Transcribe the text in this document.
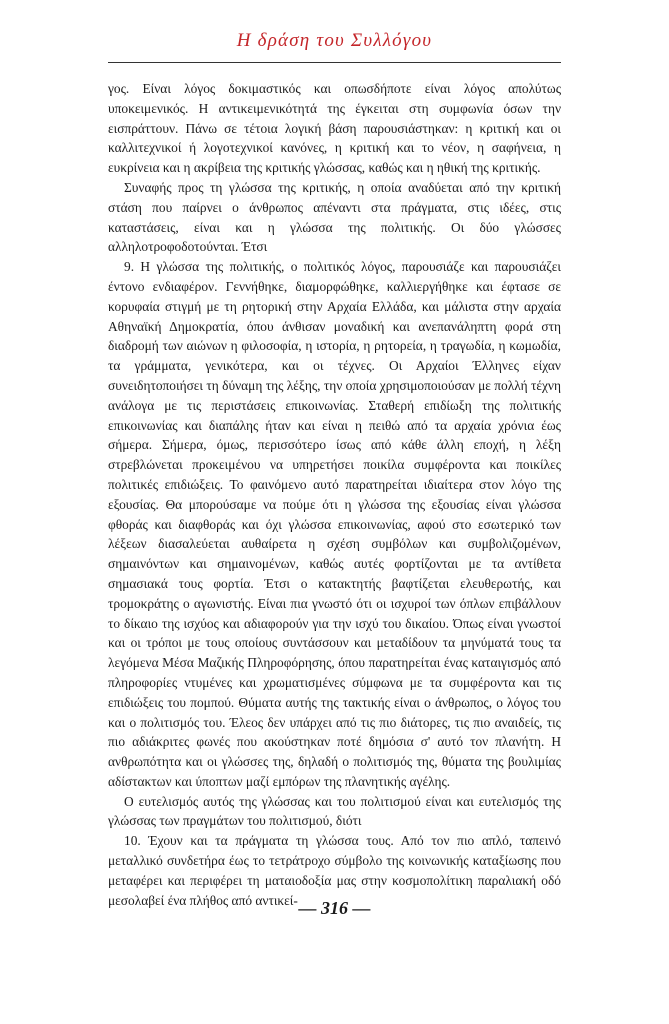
Η δράση του Συλλόγου

γος. Είναι λόγος δοκιμαστικός και οπωσδήποτε είναι λόγος απολύτως υποκειμενικός. Η αντικειμενικότητά της έγκειται στη συμφωνία όσων την εισπράττουν. Πάνω σε τέτοια λογική βάση παρουσιάστηκαν: η κριτική και οι καλλιτεχνικοί ή λογοτεχνικοί κανόνες, η κριτική και το νέον, η σαφήνεια, η ευκρίνεια και η ακρίβεια της κριτικής γλώσσας, καθώς και η ηθική της κριτικής.

Συναφής προς τη γλώσσα της κριτικής, η οποία αναδύεται από την κριτική στάση που παίρνει ο άνθρωπος απέναντι στα πράγματα, στις ιδέες, στις καταστάσεις, είναι και η γλώσσα της πολιτικής. Οι δύο γλώσσες αλληλοτροφοδοτούνται. Έτσι

9. Η γλώσσα της πολιτικής, ο πολιτικός λόγος, παρουσιάζε και παρουσιάζει έντονο ενδιαφέρον. Γεννήθηκε, διαμορφώθηκε, καλλιεργήθηκε και έφτασε σε κορυφαία στιγμή με τη ρητορική στην Αρχαία Ελλάδα, και μάλιστα στην αρχαία Αθηναϊκή Δημοκρατία, όπου άνθισαν μοναδική και ανεπανάληπτη φορά στη διαδρομή των αιώνων η φιλοσοφία, η ιστορία, η ρητορεία, η τραγωδία, η κωμωδία, τα γράμματα, γενικότερα, και οι τέχνες. Οι Αρχαίοι Έλληνες είχαν συνειδητοποιήσει τη δύναμη της λέξης, την οποία χρησιμοποιούσαν με πολλή τέχνη ανάλογα με τις περιστάσεις επικοινωνίας. Σταθερή επιδίωξη της πολιτικής επικοινωνίας και διαπάλης ήταν και είναι η πειθώ από τα αρχαία χρόνια έως σήμερα. Σήμερα, όμως, περισσότερο ίσως από κάθε άλλη εποχή, η λέξη στρεβλώνεται προκειμένου να υπηρετήσει ποικίλα συμφέροντα και ποικίλες πολιτικές επιδιώξεις. Το φαινόμενο αυτό παρατηρείται ιδιαίτερα στον λόγο της εξουσίας. Θα μπορούσαμε να πούμε ότι η γλώσσα της εξουσίας είναι γλώσσα φθοράς και διαφθοράς και όχι γλώσσα επικοινωνίας, αφού στο εσωτερικό των λέξεων διασαλεύεται αυθαίρετα η σχέση συμβόλων και συμβολιζομένων, σημαινόντων και σημαινομένων, καθώς αυτές φορτίζονται με τα αντίθετα σημασιακά τους φορτία. Έτσι ο κατακτητής βαφτίζεται ελευθερωτής, και τρομοκράτης ο αγωνιστής. Είναι πια γνωστό ότι οι ισχυροί των όπλων επιβάλλουν το δίκαιο της ισχύος και αδιαφορούν για την ισχύ του δικαίου. Όπως είναι γνωστοί και οι τρόποι με τους οποίους συντάσσουν και μεταδίδουν τα μηνύματά τους τα λεγόμενα Μέσα Μαζικής Πληροφόρησης, όπου παρατηρείται ένας καταιγισμός από πληροφορίες ντυμένες και χρωματισμένες σύμφωνα με τα συμφέροντα και τις επιδιώξεις του πομπού. Θύματα αυτής της τακτικής είναι ο άνθρωπος, ο λόγος του και ο πολιτισμός του. Έλεος δεν υπάρχει από τις πιο διάτορες, τις πιο αναιδείς, τις πιο αδιάκριτες φωνές που ακούστηκαν ποτέ δημόσια σ' αυτό τον πλανήτη. Η ανθρωπότητα και οι γλώσσες της, δηλαδή ο πολιτισμός της, θύματα της βουλιμίας αδίστακτων και ύποπτων μαζί εμπόρων της πλανητικής αγέλης.

Ο ευτελισμός αυτός της γλώσσας και του πολιτισμού είναι και ευτελισμός της γλώσσας των πραγμάτων του πολιτισμού, διότι

10. Έχουν και τα πράγματα τη γλώσσα τους. Από τον πιο απλό, ταπεινό μεταλλικό συνδετήρα έως το τετράτροχο σύμβολο της κοινωνικής καταξίωσης που μεταφέρει και περιφέρει τη ματαιοδοξία μας στην κοσμοπολίτικη παραλιακή οδό μεσολαβεί ένα πλήθος από αντικεί- — 316 —
